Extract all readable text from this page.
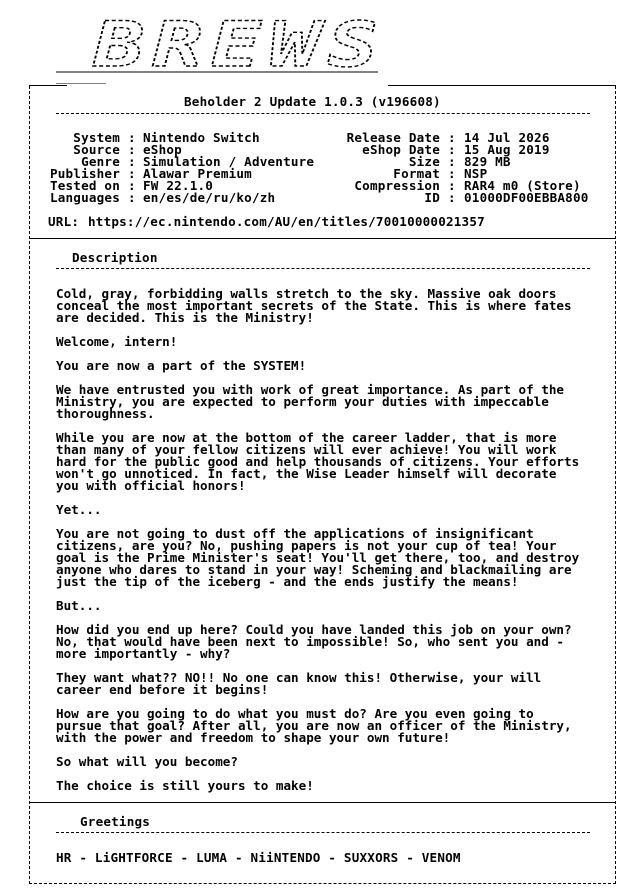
BREWS
Beholder 2 Update 1.0.3 (v196608)
System : Nintendo Switch
Source : eShop
Genre : Simulation / Adventure
Publisher : Alawar Premium
Tested on : FW 22.1.0
Languages : en/es/de/ru/ko/zh
Release Date : 14 Jul 2026
eShop Date : 15 Aug 2019
Size : 829 MB
Format : NSP
Compression : RAR4 m0 (Store)
ID : 01000DF00EBBA800
URL: https://ec.nintendo.com/AU/en/titles/70010000021357
Description
Cold, gray, forbidding walls stretch to the sky. Massive oak doors
conceal the most important secrets of the State. This is where fates
are decided. This is the Ministry!
Welcome, intern!
You are now a part of the SYSTEM!
We have entrusted you with work of great importance. As part of the
Ministry, you are expected to perform your duties with impeccable
thoroughness.
While you are now at the bottom of the career ladder, that is more
than many of your fellow citizens will ever achieve! You will work
hard for the public good and help thousands of citizens. Your efforts
won't go unnoticed. In fact, the Wise Leader himself will decorate
you with official honors!
Yet...
You are not going to dust off the applications of insignificant
citizens, are you? No, pushing papers is not your cup of tea! Your
goal is the Prime Minister's seat! You'll get there, too, and destroy
anyone who dares to stand in your way! Scheming and blackmailing are
just the tip of the iceberg - and the ends justify the means!
But...
How did you end up here? Could you have landed this job on your own?
No, that would have been next to impossible! So, who sent you and -
more importantly - why?
They want what?? NO!! No one can know this! Otherwise, your will
career end before it begins!
How are you going to do what you must do? Are you even going to
pursue that goal? After all, you are now an officer of the Ministry,
with the power and freedom to shape your own future!
So what will you become?
The choice is still yours to make!
Greetings
HR - LiGHTFORCE - LUMA - NiiNTENDO - SUXXORS - VENOM
